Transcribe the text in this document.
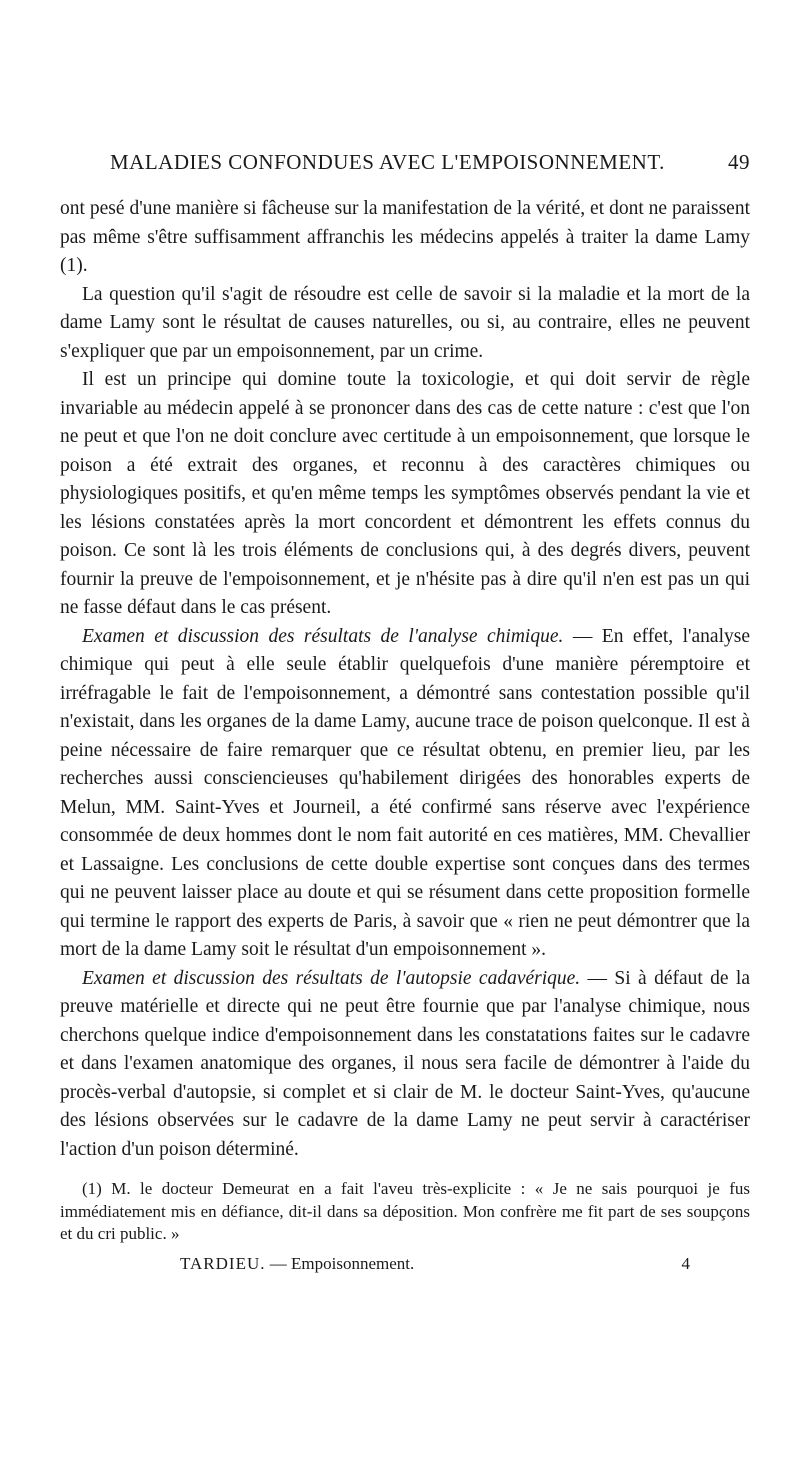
MALADIES CONFONDUES AVEC L'EMPOISONNEMENT.	49

ont pesé d'une manière si fâcheuse sur la manifestation de la vérité, et dont ne paraissent pas même s'être suffisamment affranchis les médecins appelés à traiter la dame Lamy (1).

La question qu'il s'agit de résoudre est celle de savoir si la maladie et la mort de la dame Lamy sont le résultat de causes naturelles, ou si, au contraire, elles ne peuvent s'expliquer que par un empoisonnement, par un crime.

Il est un principe qui domine toute la toxicologie, et qui doit servir de règle invariable au médecin appelé à se prononcer dans des cas de cette nature : c'est que l'on ne peut et que l'on ne doit conclure avec certitude à un empoisonnement, que lorsque le poison a été extrait des organes, et reconnu à des caractères chimiques ou physiologiques positifs, et qu'en même temps les symptômes observés pendant la vie et les lésions constatées après la mort concordent et démontrent les effets connus du poison. Ce sont là les trois éléments de conclusions qui, à des degrés divers, peuvent fournir la preuve de l'empoisonnement, et je n'hésite pas à dire qu'il n'en est pas un qui ne fasse défaut dans le cas présent.

Examen et discussion des résultats de l'analyse chimique. — En effet, l'analyse chimique qui peut à elle seule établir quelquefois d'une manière péremptoire et irréfragable le fait de l'empoisonnement, a démontré sans contestation possible qu'il n'existait, dans les organes de la dame Lamy, aucune trace de poison quelconque. Il est à peine nécessaire de faire remarquer que ce résultat obtenu, en premier lieu, par les recherches aussi consciencieuses qu'habilement dirigées des honorables experts de Melun, MM. Saint-Yves et Journeil, a été confirmé sans réserve avec l'expérience consommée de deux hommes dont le nom fait autorité en ces matières, MM. Chevallier et Lassaigne. Les conclusions de cette double expertise sont conçues dans des termes qui ne peuvent laisser place au doute et qui se résument dans cette proposition formelle qui termine le rapport des experts de Paris, à savoir que « rien ne peut démontrer que la mort de la dame Lamy soit le résultat d'un empoisonnement ».

Examen et discussion des résultats de l'autopsie cadavérique. — Si à défaut de la preuve matérielle et directe qui ne peut être fournie que par l'analyse chimique, nous cherchons quelque indice d'empoisonnement dans les constatations faites sur le cadavre et dans l'examen anatomique des organes, il nous sera facile de démontrer à l'aide du procès-verbal d'autopsie, si complet et si clair de M. le docteur Saint-Yves, qu'aucune des lésions observées sur le cadavre de la dame Lamy ne peut servir à caractériser l'action d'un poison déterminé.

(1) M. le docteur Demeurat en a fait l'aveu très-explicite : « Je ne sais pourquoi je fus immédiatement mis en défiance, dit-il dans sa déposition. Mon confrère me fit part de ses soupçons et du cri public. »
TARDIEU. — Empoisonnement.	4
